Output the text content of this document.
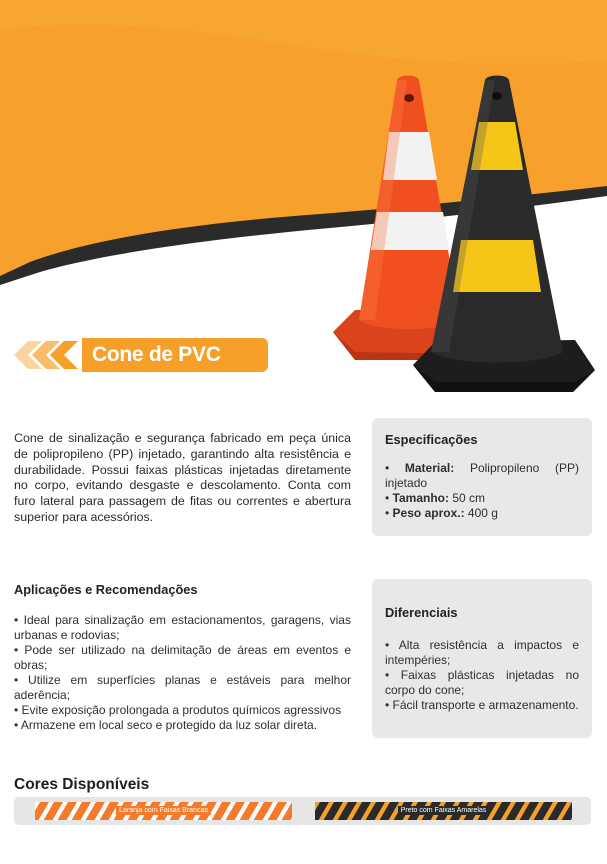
Cone de PVC

Cone de sinalização e segurança fabricado em peça única de polipropileno (PP) injetado, garantindo alta resistência e durabilidade. Possui faixas plásticas injetadas diretamente no corpo, evitando desgaste e descolamento. Conta com furo lateral para passagem de fitas ou correntes e abertura superior para acessórios.

Especificações
• Material: Polipropileno (PP) injetado
• Tamanho: 50 cm
• Peso aprox.: 400 g
Aplicações e Recomendações
• Ideal para sinalização em estacionamentos, garagens, vias urbanas e rodovias;
• Pode ser utilizado na delimitação de áreas em eventos e obras;
• Utilize em superfícies planas e estáveis para melhor aderência;
• Evite exposição prolongada a produtos químicos agressivos
• Armazene em local seco e protegido da luz solar direta.
Diferenciais
• Alta resistência a impactos e intempéries;
• Faixas plásticas injetadas no corpo do cone;
• Fácil transporte e armazenamento.
Cores Disponíveis
Laranja com Faixas Brancas	Preto com Faixas Amarelas
